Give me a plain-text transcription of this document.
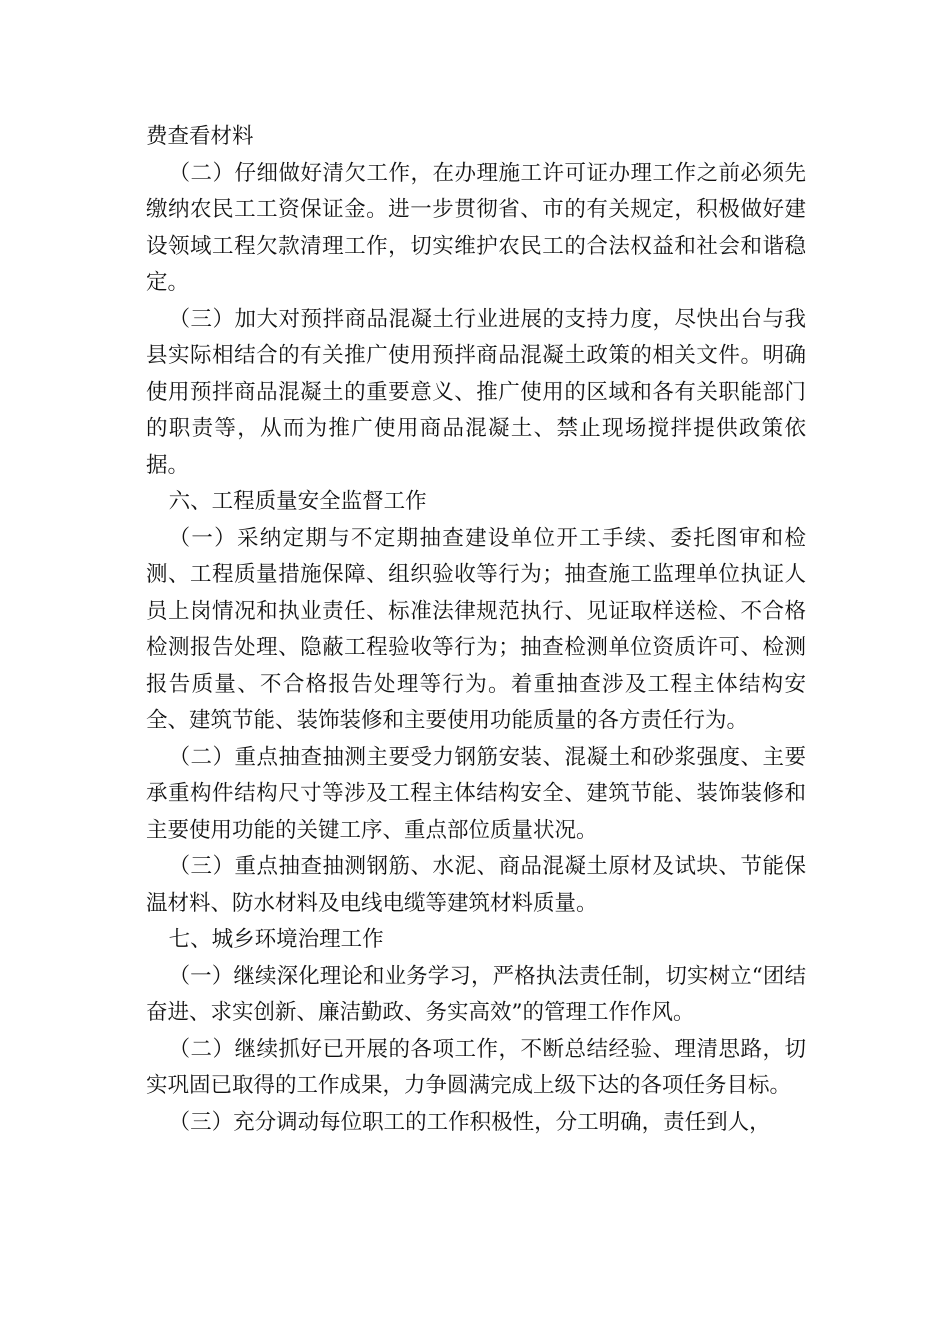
费查看材料

（二）仔细做好清欠工作，在办理施工许可证办理工作之前必须先缴纳农民工工资保证金。进一步贯彻省、市的有关规定，积极做好建设领域工程欠款清理工作，切实维护农民工的合法权益和社会和谐稳定。

（三）加大对预拌商品混凝土行业进展的支持力度，尽快出台与我县实际相结合的有关推广使用预拌商品混凝土政策的相关文件。明确使用预拌商品混凝土的重要意义、推广使用的区域和各有关职能部门的职责等，从而为推广使用商品混凝土、禁止现场搅拌提供政策依据。

六、工程质量安全监督工作

（一）采纳定期与不定期抽查建设单位开工手续、委托图审和检测、工程质量措施保障、组织验收等行为；抽查施工监理单位执证人员上岗情况和执业责任、标准法律规范执行、见证取样送检、不合格检测报告处理、隐蔽工程验收等行为；抽查检测单位资质许可、检测报告质量、不合格报告处理等行为。着重抽查涉及工程主体结构安全、建筑节能、装饰装修和主要使用功能质量的各方责任行为。

（二）重点抽查抽测主要受力钢筋安装、混凝土和砂浆强度、主要承重构件结构尺寸等涉及工程主体结构安全、建筑节能、装饰装修和主要使用功能的关键工序、重点部位质量状况。

（三）重点抽查抽测钢筋、水泥、商品混凝土原材及试块、节能保温材料、防水材料及电线电缆等建筑材料质量。

七、城乡环境治理工作

（一）继续深化理论和业务学习，严格执法责任制，切实树立“团结奋进、求实创新、廉洁勤政、务实高效”的管理工作作风。

（二）继续抓好已开展的各项工作，不断总结经验、理清思路，切实巩固已取得的工作成果，力争圆满完成上级下达的各项任务目标。

（三）充分调动每位职工的工作积极性，分工明确，责任到人，
